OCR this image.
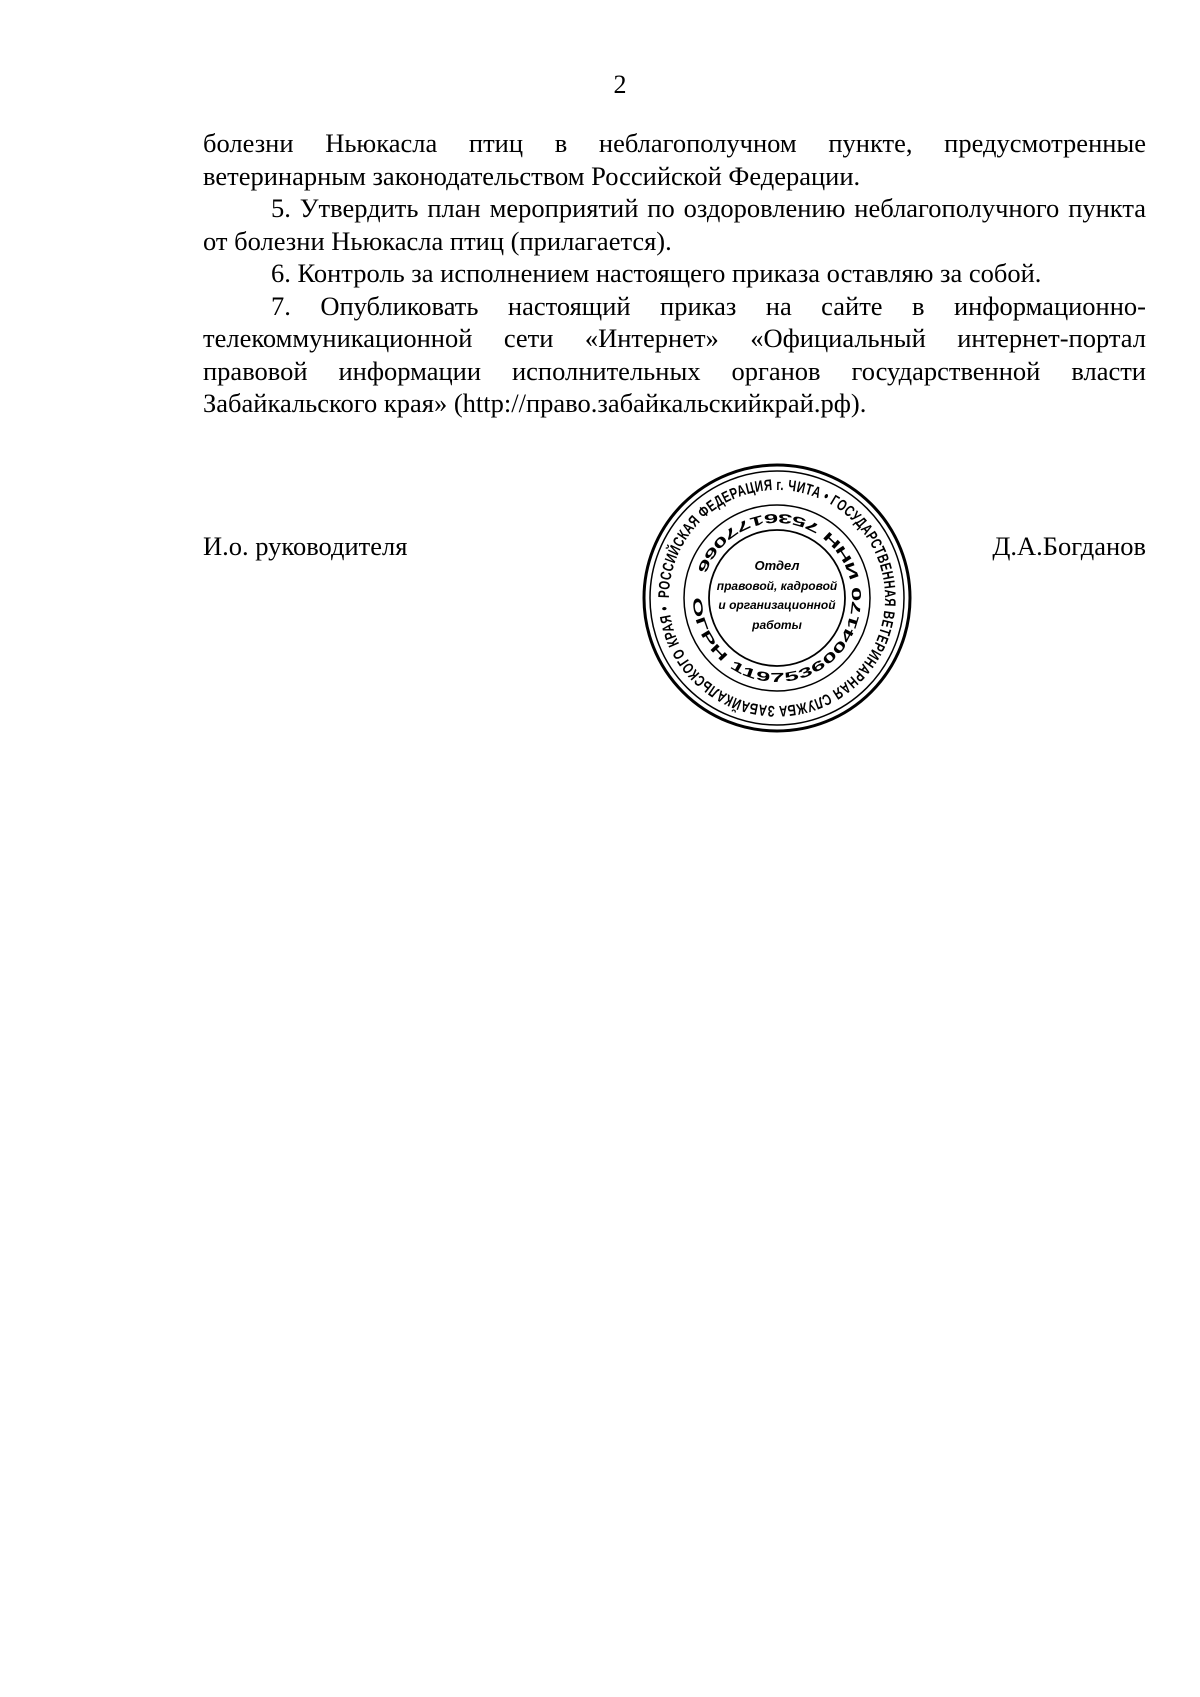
2

болезни Ньюкасла птиц в неблагополучном пункте, предусмотренные ветеринарным законодательством Российской Федерации.

5. Утвердить план мероприятий по оздоровлению неблагополучного пункта от болезни Ньюкасла птиц (прилагается).

6. Контроль за исполнением настоящего приказа оставляю за собой.

7. Опубликовать настоящий приказ на сайте в информационно-телекоммуникационной сети «Интернет» «Официальный интернет-портал правовой информации исполнительных органов государственной власти Забайкальского края» (http://право.забайкальскийкрай.рф).

И.о. руководителя	Д.А.Богданов
РОССИЙСКАЯ ФЕДЕРАЦИЯ г. ЧИТА • ГОСУДАРСТВЕННАЯ ВЕТЕРИНАРНАЯ СЛУЖБА ЗАБАЙКАЛЬСКОГО КРАЯ •	ОГРН 1197536004170 ИНН 7536177066	Отдел
правовой, кадровой
и организационной
работы
